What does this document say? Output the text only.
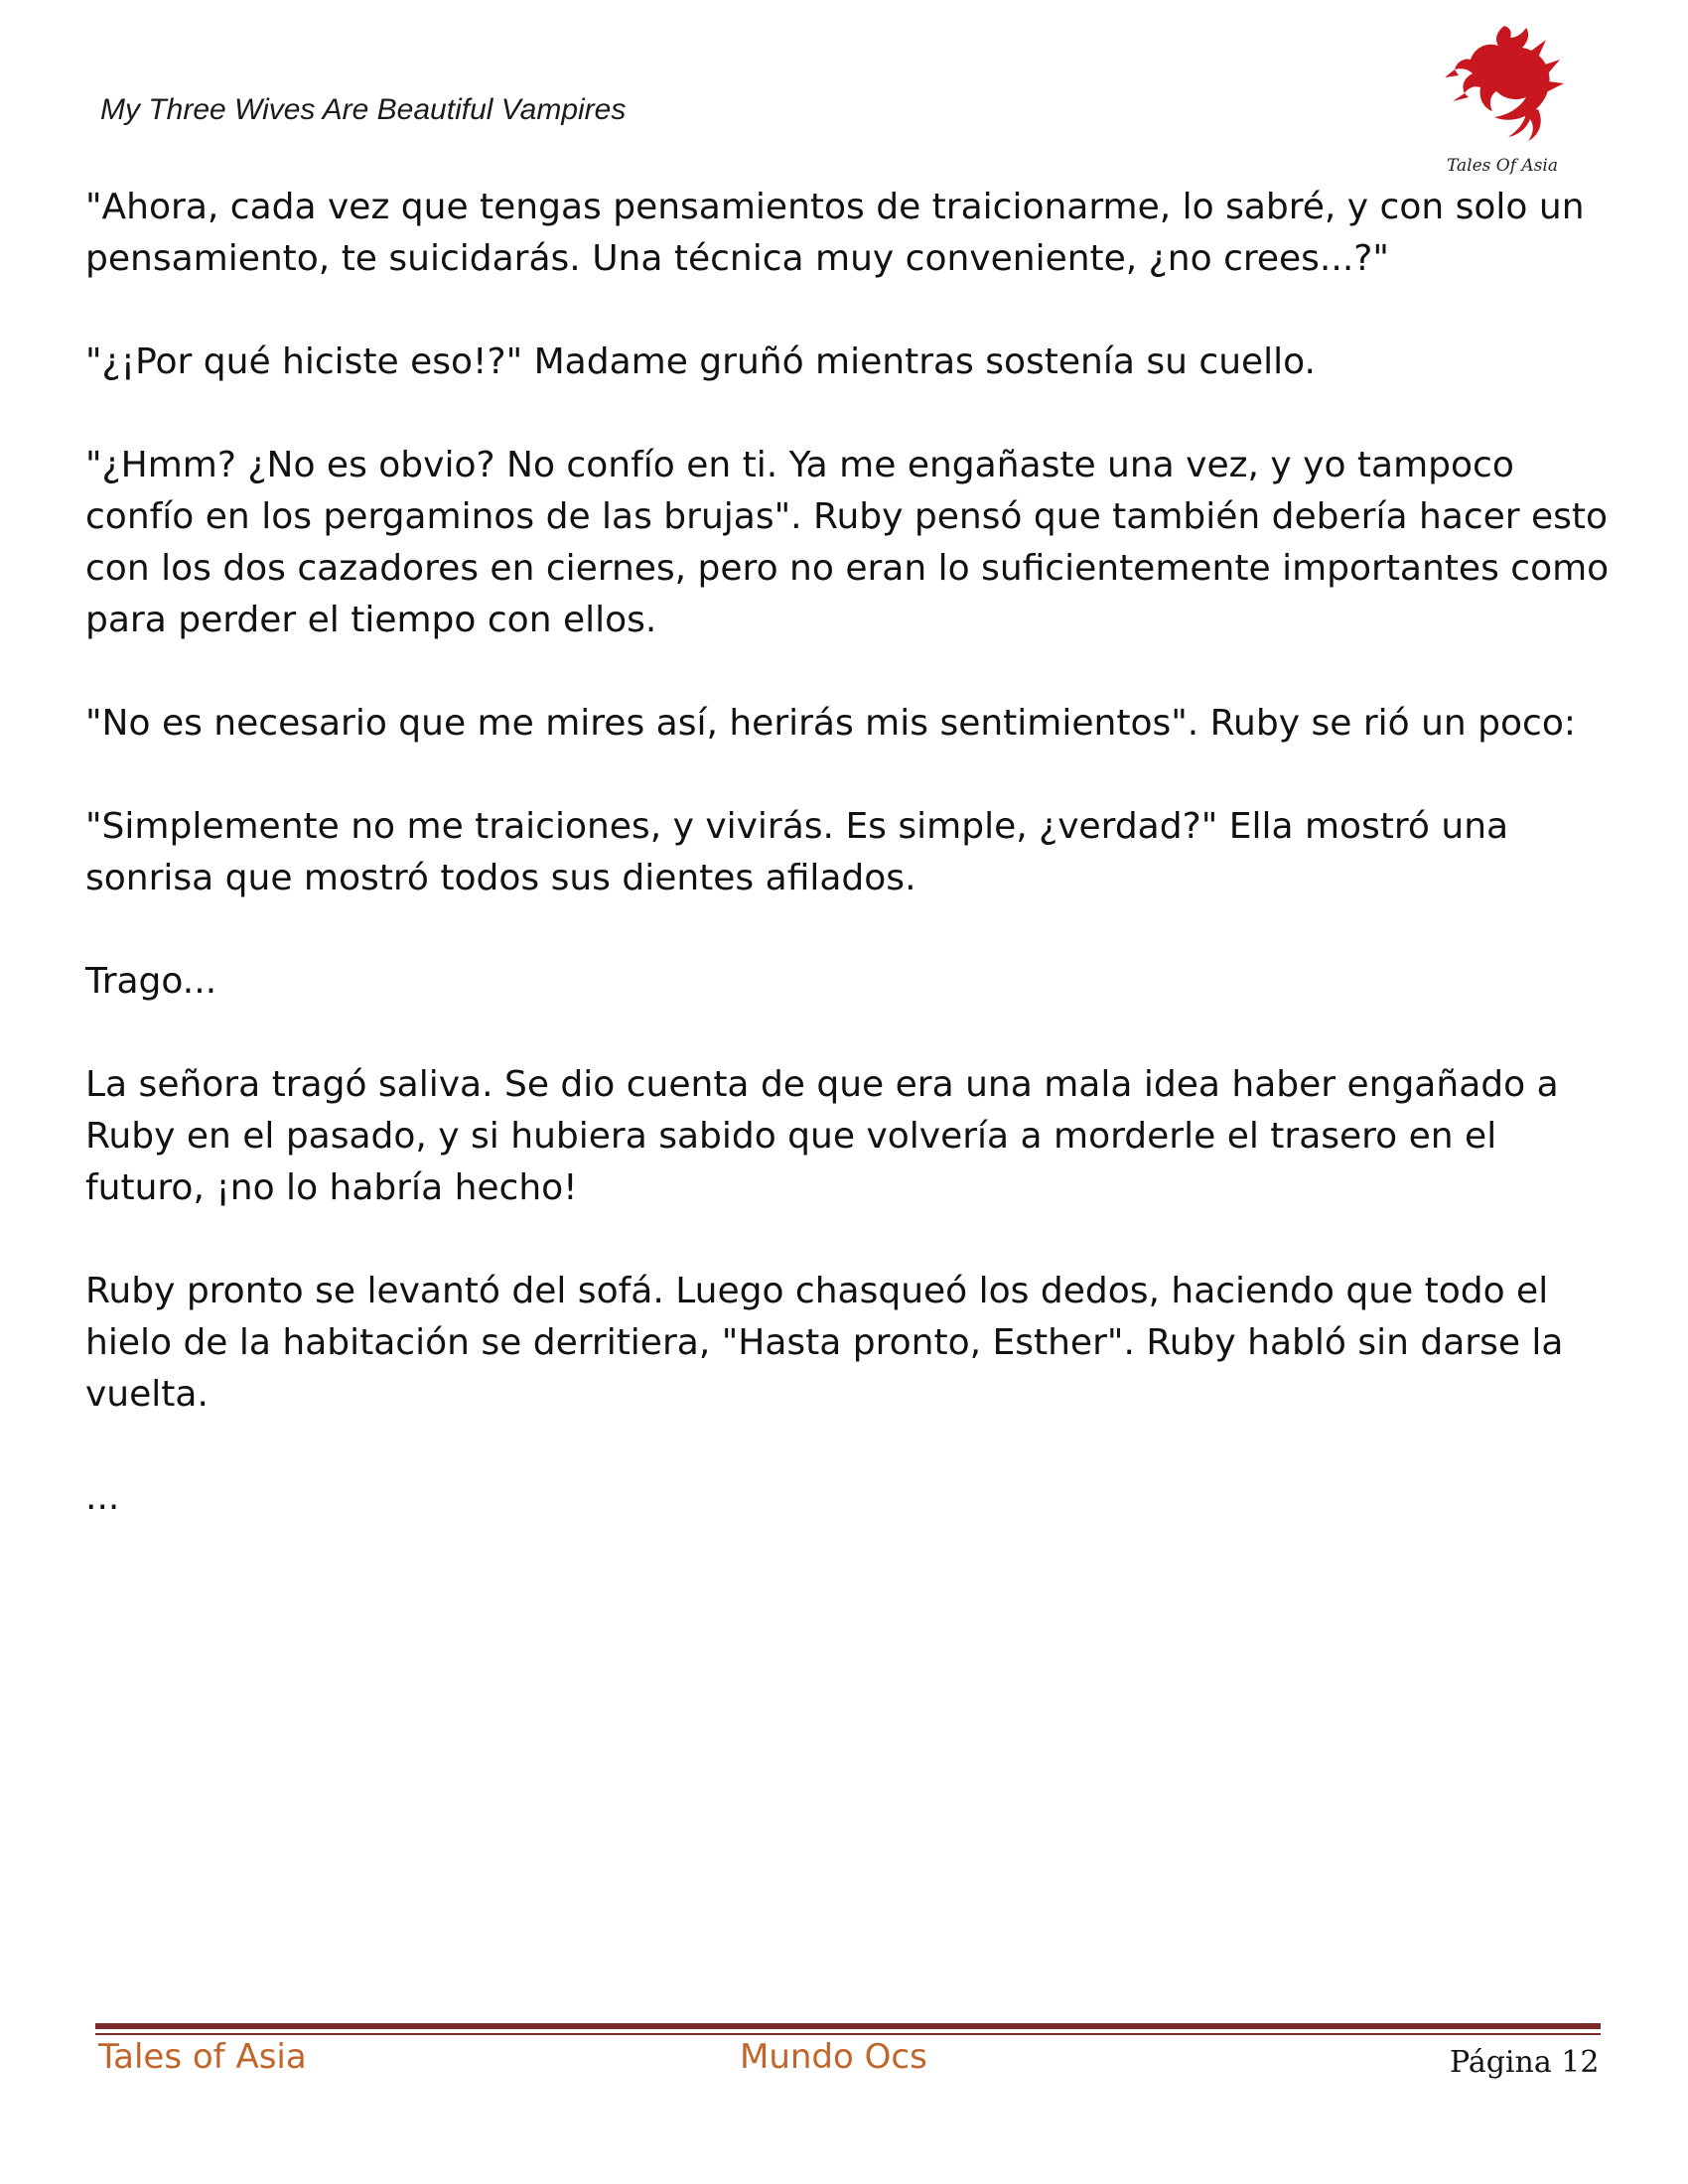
My Three Wives Are Beautiful Vampires

Tales Of Asia

"Ahora, cada vez que tengas pensamientos de traicionarme, lo sabré, y con solo un pensamiento, te suicidarás. Una técnica muy conveniente, ¿no crees...?"

"¿¡Por qué hiciste eso!?" Madame gruñó mientras sostenía su cuello.

"¿Hmm? ¿No es obvio? No confío en ti. Ya me engañaste una vez, y yo tampoco confío en los pergaminos de las brujas". Ruby pensó que también debería hacer esto con los dos cazadores en ciernes, pero no eran lo suficientemente importantes como para perder el tiempo con ellos.

"No es necesario que me mires así, herirás mis sentimientos". Ruby se rió un poco:

"Simplemente no me traiciones, y vivirás. Es simple, ¿verdad?" Ella mostró una sonrisa que mostró todos sus dientes afilados.

Trago...

La señora tragó saliva. Se dio cuenta de que era una mala idea haber engañado a Ruby en el pasado, y si hubiera sabido que volvería a morderle el trasero en el futuro, ¡no lo habría hecho!

Ruby pronto se levantó del sofá. Luego chasqueó los dedos, haciendo que todo el hielo de la habitación se derritiera, "Hasta pronto, Esther". Ruby habló sin darse la vuelta.

...

Tales of Asia	Mundo Ocs	Página 12
